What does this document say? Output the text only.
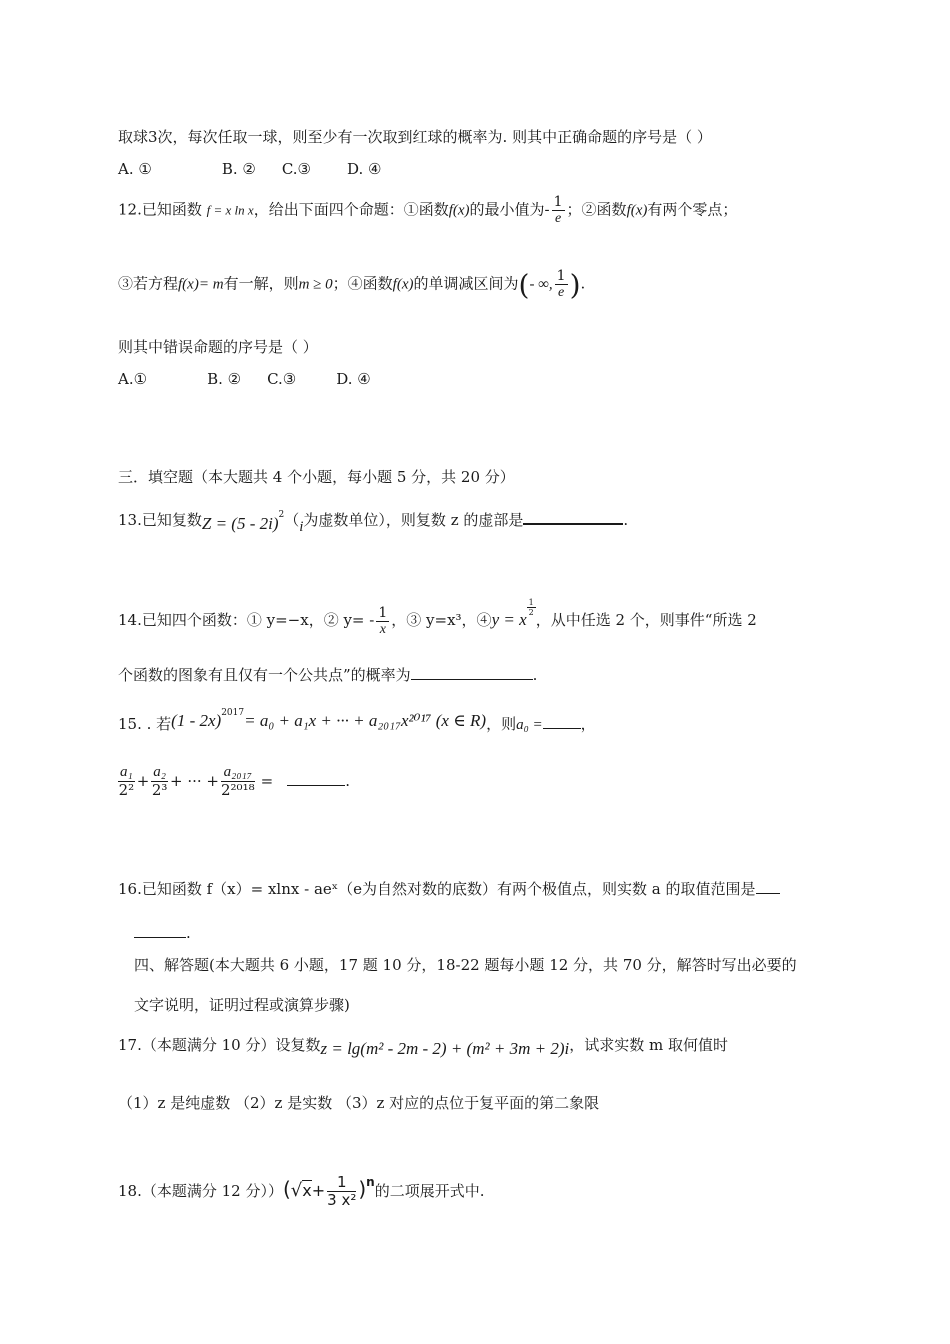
取球3次，每次任取一球，则至少有一次取到红球的概率为. 则其中正确命题的序号是（ ）
A. ①	B. ② C.③ D. ④
12.已知函数 f = x ln x，给出下面四个命题：①函数f(x)的最小值为- $\frac{1}{e}$ ；②函数f(x)有两个零点；
③若方程f(x)= m有一解，则m ≥ 0；④函数f(x)的单调减区间为(- ∞, $\frac{1}{e}$ ).
则其中错误命题的序号是（ ）
A.①	B. ② C.③	D. ④
三．填空题（本大题共 4 个小题，每小题 5 分，共 20 分）
13.已知复数Z = (5 - 2i)$^2$（i为虚数单位），则复数 z 的虚部是	.
14.已知四个函数：① y=−x，② $y= - \frac{1}{x}$ ，③ y=x³，④y = x
$\frac{1}{2}$
，从中任选 2 个，则事件“所选 2
个函数的图象有且仅有一个公共点”的概率为	.
15. . 若(1 - 2x)$^{2017}$= a₀ + a₁x + ··· + a₂₀₁₇x²⁰¹⁷ (x ∈ R)，则a₀ =	，
$\frac{\text{a₁}}{\text{2²}} + \frac{\text{a₂}}{\text{2³}}$ + ··· + $\frac{\text{a₂₀₁₇}}{\text{2²⁰¹⁸}}$ =	.
16.已知函数 f（x）= xlnx - aeˣ（e为自然对数的底数）有两个极值点，则实数 a 的取值范围是
.
四、解答题(本大题共 6 小题，17 题 10 分，18-22 题每小题 12 分，共 70 分，解答时写出必要的
文字说明，证明过程或演算步骤)
17.（本题满分 10 分）设复数z = lg(m² - 2m - 2) + (m² + 3m + 2)i，试求实数 m 取何值时
（1）z 是纯虚数 （2）z 是实数 （3）z 对应的点位于复平面的第二象限
18.（本题满分 12 分））$(√x+ \frac{1}{\text{3 x²}} )^n$的二项展开式中.
